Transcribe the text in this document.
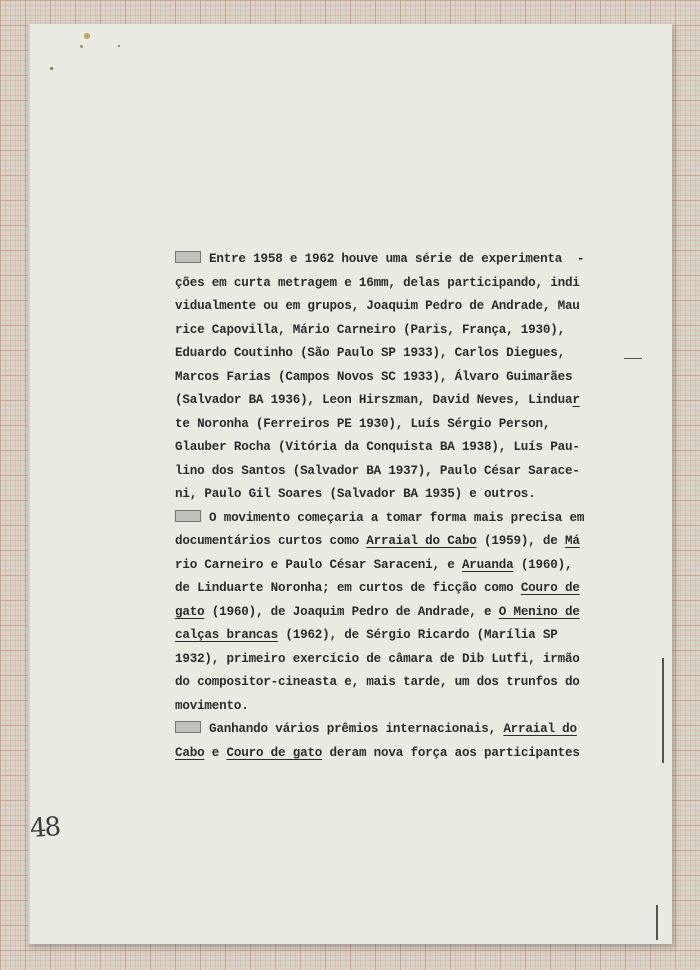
Entre 1958 e 1962 houve uma série de experimenta  -
ções em curta metragem e 16mm, delas participando, indi
vidualmente ou em grupos, Joaquim Pedro de Andrade, Mau
rice Capovilla, Mário Carneiro (Paris, França, 1930),
Eduardo Coutinho (São Paulo SP 1933), Carlos Diegues,
Marcos Farias (Campos Novos SC 1933), Álvaro Guimarães
(Salvador BA 1936), Leon Hirszman, David Neves, Linduar
te Noronha (Ferreiros PE 1930), Luís Sérgio Person,
Glauber Rocha (Vitória da Conquista BA 1938), Luís Pau-
lino dos Santos (Salvador BA 1937), Paulo César Sarace-
ni, Paulo Gil Soares (Salvador BA 1935) e outros.
O movimento começaria a tomar forma mais precisa em
documentários curtos como Arraial do Cabo (1959), de Má
rio Carneiro e Paulo César Saraceni, e Aruanda (1960),
de Linduarte Noronha; em curtos de ficção como Couro de
gato (1960), de Joaquim Pedro de Andrade, e O Menino de
calças brancas (1962), de Sérgio Ricardo (Marília SP
1932), primeiro exercício de câmara de Dib Lutfi, irmão
do compositor-cineasta e, mais tarde, um dos trunfos do
movimento.
Ganhando vários prêmios internacionais, Arraial do
Cabo e Couro de gato deram nova força aos participantes
48
